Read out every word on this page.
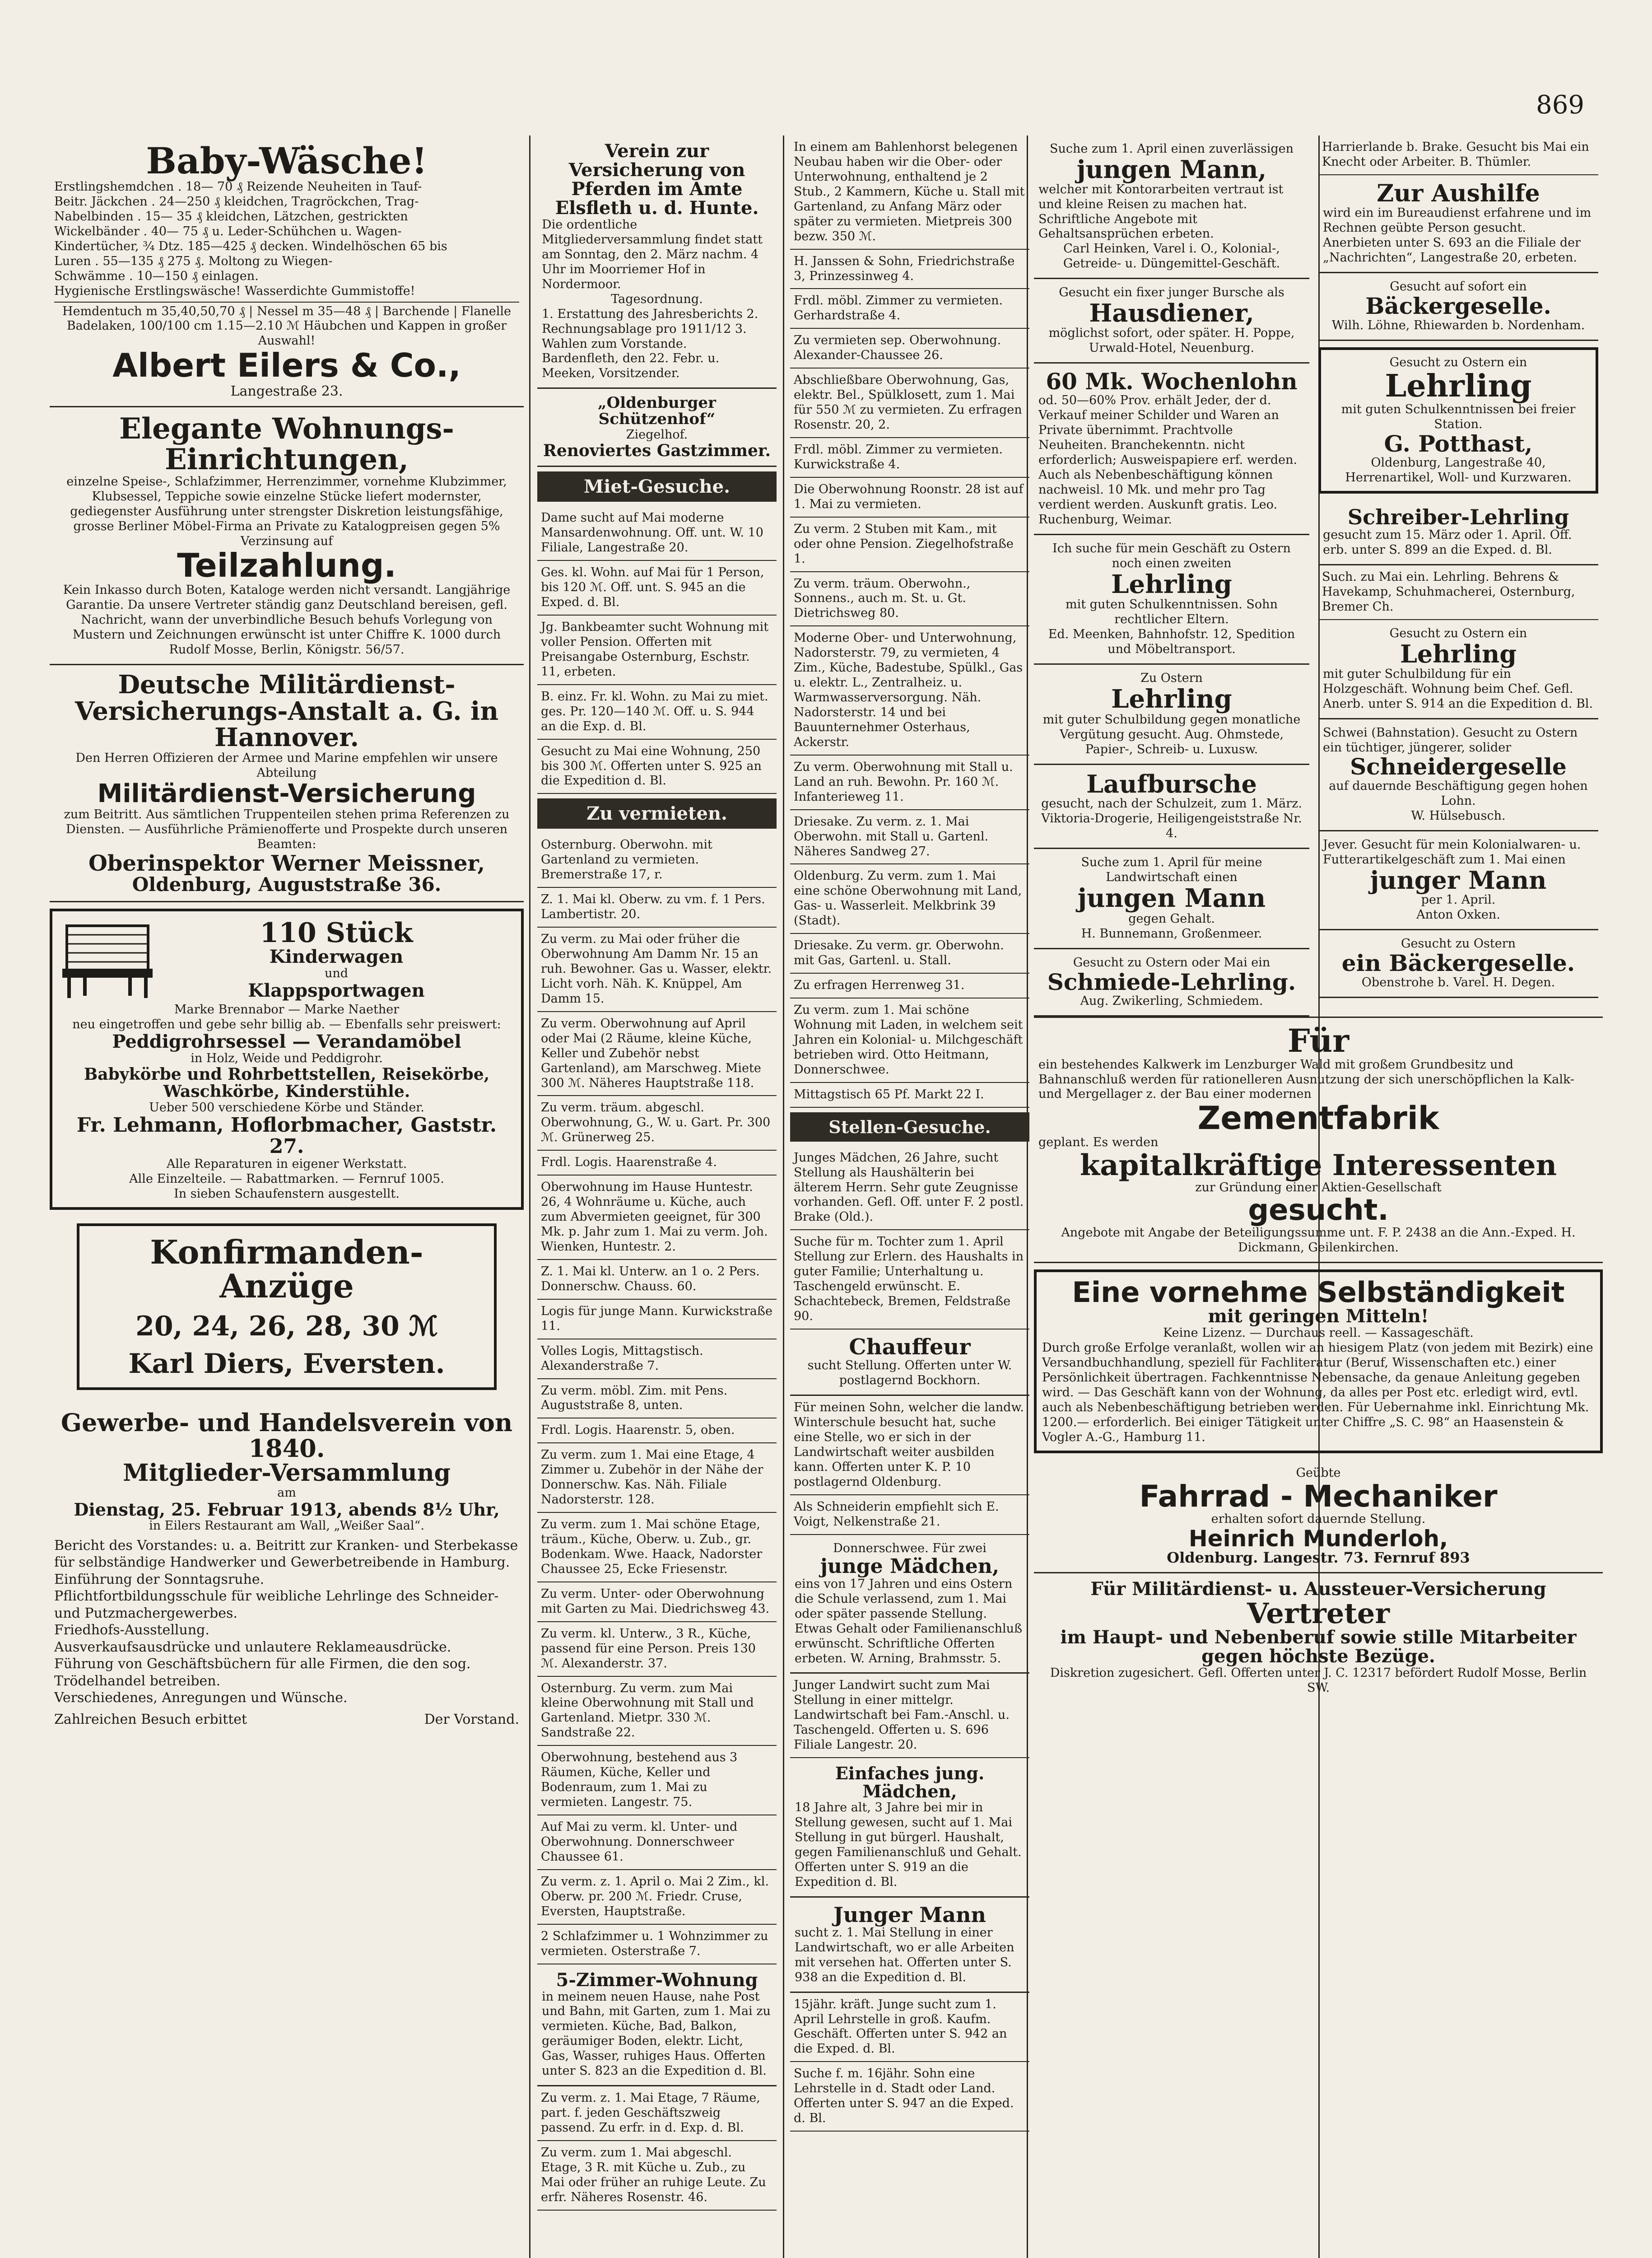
869
Baby-Wäsche!
Erstlingshemdchen . 18— 70 ₰ Reizende Neuheiten in Tauf-
Beitr. Jäckchen . 24—250 ₰ kleidchen, Tragröckchen, Trag-
Nabelbinden . 15— 35 ₰ kleidchen, Lätzchen, gestrickten
Wickelbänder . 40— 75 ₰ u. Leder-Schühchen u. Wagen-
Kindertücher, ¾ Dtz. 185—425 ₰ decken. Windelhöschen 65 bis
Luren . 55—135 ₰ 275 ₰. Moltong zu Wiegen-
Schwämme . 10—150 ₰ einlagen.
Hygienische Erstlingswäsche! Wasserdichte Gummistoffe!
Hemdentuch m 35,40,50,70 ₰ | Nessel m 35—48 ₰ | Barchende | Flanelle
Badelaken, 100/100 cm 1.15—2.10 ℳ Häubchen und Kappen in großer Auswahl!
Albert Eilers & Co.,
Langestraße 23.
Elegante Wohnungs-Einrichtungen,
einzelne Speise-, Schlafzimmer, Herrenzimmer, vornehme Klubzimmer, Klubsessel, Teppiche sowie einzelne Stücke liefert modernster, gediegenster Ausführung unter strengster Diskretion leistungsfähige, grosse Berliner Möbel-Firma an Private zu Katalogpreisen gegen 5% Verzinsung auf
Teilzahlung.
Kein Inkasso durch Boten, Kataloge werden nicht versandt. Langjährige Garantie. Da unsere Vertreter ständig ganz Deutschland bereisen, gefl. Nachricht, wann der unverbindliche Besuch behufs Vorlegung von Mustern und Zeichnungen erwünscht ist unter Chiffre K. 1000 durch Rudolf Mosse, Berlin, Königstr. 56/57.
Deutsche Militärdienst-Versicherungs-Anstalt a. G. in Hannover.
Den Herren Offizieren der Armee und Marine empfehlen wir unsere Abteilung
Militärdienst-Versicherung
zum Beitritt. Aus sämtlichen Truppenteilen stehen prima Referenzen zu Diensten. — Ausführliche Prämienofferte und Prospekte durch unseren Beamten:
Oberinspektor Werner Meissner,
Oldenburg, Auguststraße 36.
110 Stück
Kinderwagen
und
Klappsportwagen
Marke Brennabor — Marke Naether
neu eingetroffen und gebe sehr billig ab. — Ebenfalls sehr preiswert:
Peddigrohrsessel — Verandamöbel
in Holz, Weide und Peddigrohr.
Babykörbe und Rohrbettstellen, Reisekörbe, Waschkörbe, Kinderstühle.
Ueber 500 verschiedene Körbe und Ständer.
Fr. Lehmann, Hoflorbmacher, Gaststr. 27.
Alle Reparaturen in eigener Werkstatt.
Alle Einzelteile. — Rabattmarken. — Fernruf 1005.
In sieben Schaufenstern ausgestellt.
Konfirmanden-Anzüge
20, 24, 26, 28, 30 ℳ
Karl Diers, Eversten.
Gewerbe- und Handelsverein von 1840.
Mitglieder-Versammlung
am
Dienstag, 25. Februar 1913, abends 8½ Uhr,
in Eilers Restaurant am Wall, „Weißer Saal“.
Bericht des Vorstandes: u. a. Beitritt zur Kranken- und Sterbekasse für selbständige Handwerker und Gewerbetreibende in Hamburg.
Einführung der Sonntagsruhe.
Pflichtfortbildungsschule für weibliche Lehrlinge des Schneider- und Putzmachergewerbes.
Friedhofs-Ausstellung.
Ausverkaufsausdrücke und unlautere Reklameausdrücke.
Führung von Geschäftsbüchern für alle Firmen, die den sog. Trödelhandel betreiben.
Verschiedenes, Anregungen und Wünsche.
Zahlreichen Besuch erbittet	Der Vorstand.
Verein zur Versicherung von Pferden im Amte Elsfleth u. d. Hunte.
Die ordentliche Mitgliederversammlung findet statt am Sonntag, den 2. März nachm. 4 Uhr im Moorriemer Hof in Nordermoor.
Tagesordnung.
1. Erstattung des Jahresberichts 2. Rechnungsablage pro 1911/12 3. Wahlen zum Vorstande.
Bardenfleth, den 22. Febr. u. Meeken, Vorsitzender.
„Oldenburger Schützenhof“
Ziegelhof.
Renoviertes Gastzimmer.
Miet-Gesuche.
Dame sucht auf Mai moderne Mansardenwohnung. Off. unt. W. 10 Filiale, Langestraße 20.
Ges. kl. Wohn. auf Mai für 1 Person, bis 120 ℳ. Off. unt. S. 945 an die Exped. d. Bl.
Jg. Bankbeamter sucht Wohnung mit voller Pension. Offerten mit Preisangabe Osternburg, Eschstr. 11, erbeten.
B. einz. Fr. kl. Wohn. zu Mai zu miet. ges. Pr. 120—140 ℳ. Off. u. S. 944 an die Exp. d. Bl.
Gesucht zu Mai eine Wohnung, 250 bis 300 ℳ. Offerten unter S. 925 an die Expedition d. Bl.
Zu vermieten.
Osternburg. Oberwohn. mit Gartenland zu vermieten. Bremerstraße 17, r.
Z. 1. Mai kl. Oberw. zu vm. f. 1 Pers. Lambertistr. 20.
Zu verm. zu Mai oder früher die Oberwohnung Am Damm Nr. 15 an ruh. Bewohner. Gas u. Wasser, elektr. Licht vorh. Näh. K. Knüppel, Am Damm 15.
Zu verm. Oberwohnung auf April oder Mai (2 Räume, kleine Küche, Keller und Zubehör nebst Gartenland), am Marschweg. Miete 300 ℳ. Näheres Hauptstraße 118.
Zu verm. träum. abgeschl. Oberwohnung, G., W. u. Gart. Pr. 300 ℳ. Grünerweg 25.
Frdl. Logis. Haarenstraße 4.
Oberwohnung im Hause Huntestr. 26, 4 Wohnräume u. Küche, auch zum Abvermieten geeignet, für 300 Mk. p. Jahr zum 1. Mai zu verm. Joh. Wienken, Huntestr. 2.
Z. 1. Mai kl. Unterw. an 1 o. 2 Pers. Donnerschw. Chauss. 60.
Logis für junge Mann. Kurwickstraße 11.
Volles Logis, Mittagstisch. Alexanderstraße 7.
Zu verm. möbl. Zim. mit Pens. Auguststraße 8, unten.
Frdl. Logis. Haarenstr. 5, oben.
Zu verm. zum 1. Mai eine Etage, 4 Zimmer u. Zubehör in der Nähe der Donnerschw. Kas. Näh. Filiale Nadorsterstr. 128.
Zu verm. zum 1. Mai schöne Etage, träum., Küche, Oberw. u. Zub., gr. Bodenkam. Wwe. Haack, Nadorster Chaussee 25, Ecke Friesenstr.
Zu verm. Unter- oder Oberwohnung mit Garten zu Mai. Diedrichsweg 43.
Zu verm. kl. Unterw., 3 R., Küche, passend für eine Person. Preis 130 ℳ. Alexanderstr. 37.
Osternburg. Zu verm. zum Mai kleine Oberwohnung mit Stall und Gartenland. Mietpr. 330 ℳ. Sandstraße 22.
Oberwohnung, bestehend aus 3 Räumen, Küche, Keller und Bodenraum, zum 1. Mai zu vermieten. Langestr. 75.
Auf Mai zu verm. kl. Unter- und Oberwohnung. Donnerschweer Chaussee 61.
Zu verm. z. 1. April o. Mai 2 Zim., kl. Oberw. pr. 200 ℳ. Friedr. Cruse, Eversten, Hauptstraße.
2 Schlafzimmer u. 1 Wohnzimmer zu vermieten. Osterstraße 7.
5-Zimmer-Wohnung
in meinem neuen Hause, nahe Post und Bahn, mit Garten, zum 1. Mai zu vermieten. Küche, Bad, Balkon, geräumiger Boden, elektr. Licht, Gas, Wasser, ruhiges Haus. Offerten unter S. 823 an die Expedition d. Bl.
Zu verm. z. 1. Mai Etage, 7 Räume, part. f. jeden Geschäftszweig passend. Zu erfr. in d. Exp. d. Bl.
Zu verm. zum 1. Mai abgeschl. Etage, 3 R. mit Küche u. Zub., zu Mai oder früher an ruhige Leute. Zu erfr. Näheres Rosenstr. 46.
In einem am Bahlenhorst belegenen Neubau haben wir die Ober- oder Unterwohnung, enthaltend je 2 Stub., 2 Kammern, Küche u. Stall mit Gartenland, zu Anfang März oder später zu vermieten. Mietpreis 300 bezw. 350 ℳ.
H. Janssen & Sohn, Friedrichstraße 3, Prinzessinweg 4.
Frdl. möbl. Zimmer zu vermieten. Gerhardstraße 4.
Zu vermieten sep. Oberwohnung. Alexander-Chaussee 26.
Abschließbare Oberwohnung, Gas, elektr. Bel., Spülklosett, zum 1. Mai für 550 ℳ zu vermieten. Zu erfragen Rosenstr. 20, 2.
Frdl. möbl. Zimmer zu vermieten. Kurwickstraße 4.
Die Oberwohnung Roonstr. 28 ist auf 1. Mai zu vermieten.
Zu verm. 2 Stuben mit Kam., mit oder ohne Pension. Ziegelhofstraße 1.
Zu verm. träum. Oberwohn., Sonnens., auch m. St. u. Gt. Dietrichsweg 80.
Moderne Ober- und Unterwohnung, Nadorsterstr. 79, zu vermieten, 4 Zim., Küche, Badestube, Spülkl., Gas u. elektr. L., Zentralheiz. u. Warmwasserversorgung. Näh. Nadorsterstr. 14 und bei Bauunternehmer Osterhaus, Ackerstr.
Zu verm. Oberwohnung mit Stall u. Land an ruh. Bewohn. Pr. 160 ℳ. Infanterieweg 11.
Driesake. Zu verm. z. 1. Mai Oberwohn. mit Stall u. Gartenl. Näheres Sandweg 27.
Oldenburg. Zu verm. zum 1. Mai eine schöne Oberwohnung mit Land, Gas- u. Wasserleit. Melkbrink 39 (Stadt).
Driesake. Zu verm. gr. Oberwohn. mit Gas, Gartenl. u. Stall.
Zu erfragen Herrenweg 31.
Zu verm. zum 1. Mai schöne Wohnung mit Laden, in welchem seit Jahren ein Kolonial- u. Milchgeschäft betrieben wird. Otto Heitmann, Donnerschwee.
Mittagstisch 65 Pf. Markt 22 I.
Stellen-Gesuche.
Junges Mädchen, 26 Jahre, sucht Stellung als Haushälterin bei älterem Herrn. Sehr gute Zeugnisse vorhanden. Gefl. Off. unter F. 2 postl. Brake (Old.).
Suche für m. Tochter zum 1. April Stellung zur Erlern. des Haushalts in guter Familie; Unterhaltung u. Taschengeld erwünscht. E. Schachtebeck, Bremen, Feldstraße 90.
Chauffeur
sucht Stellung. Offerten unter W. postlagernd Bockhorn.
Für meinen Sohn, welcher die landw. Winterschule besucht hat, suche eine Stelle, wo er sich in der Landwirtschaft weiter ausbilden kann. Offerten unter K. P. 10 postlagernd Oldenburg.
Als Schneiderin empfiehlt sich E. Voigt, Nelkenstraße 21.
Donnerschwee. Für zwei
junge Mädchen,
eins von 17 Jahren und eins Ostern die Schule verlassend, zum 1. Mai oder später passende Stellung. Etwas Gehalt oder Familienanschluß erwünscht. Schriftliche Offerten erbeten. W. Arning, Brahmsstr. 5.
Junger Landwirt sucht zum Mai Stellung in einer mittelgr. Landwirtschaft bei Fam.-Anschl. u. Taschengeld. Offerten u. S. 696 Filiale Langestr. 20.
Einfaches jung. Mädchen,
18 Jahre alt, 3 Jahre bei mir in Stellung gewesen, sucht auf 1. Mai Stellung in gut bürgerl. Haushalt, gegen Familienanschluß und Gehalt. Offerten unter S. 919 an die Expedition d. Bl.
Junger Mann
sucht z. 1. Mai Stellung in einer Landwirtschaft, wo er alle Arbeiten mit versehen hat. Offerten unter S. 938 an die Expedition d. Bl.
15jähr. kräft. Junge sucht zum 1. April Lehrstelle in groß. Kaufm. Geschäft. Offerten unter S. 942 an die Exped. d. Bl.
Suche f. m. 16jähr. Sohn eine Lehrstelle in d. Stadt oder Land. Offerten unter S. 947 an die Exped. d. Bl.
Suche zum 1. April einen zuverlässigen
jungen Mann,
welcher mit Kontorarbeiten vertraut ist und kleine Reisen zu machen hat. Schriftliche Angebote mit Gehaltsansprüchen erbeten.
Carl Heinken, Varel i. O., Kolonial-, Getreide- u. Düngemittel-Geschäft.
Gesucht ein fixer junger Bursche als
Hausdiener,
möglichst sofort, oder später. H. Poppe, Urwald-Hotel, Neuenburg.
60 Mk. Wochenlohn
od. 50—60% Prov. erhält Jeder, der d. Verkauf meiner Schilder und Waren an Private übernimmt. Prachtvolle Neuheiten. Branchekenntn. nicht erforderlich; Ausweispapiere erf. werden. Auch als Nebenbeschäftigung können nachweisl. 10 Mk. und mehr pro Tag verdient werden. Auskunft gratis. Leo. Ruchenburg, Weimar.
Ich suche für mein Geschäft zu Ostern noch einen zweiten
Lehrling
mit guten Schulkenntnissen. Sohn rechtlicher Eltern.
Ed. Meenken, Bahnhofstr. 12, Spedition und Möbeltransport.
Zu Ostern
Lehrling
mit guter Schulbildung gegen monatliche Vergütung gesucht. Aug. Ohmstede, Papier-, Schreib- u. Luxusw.
Laufbursche
gesucht, nach der Schulzeit, zum 1. März. Viktoria-Drogerie, Heiligengeiststraße Nr. 4.
Suche zum 1. April für meine Landwirtschaft einen
jungen Mann
gegen Gehalt.
H. Bunnemann, Großenmeer.
Gesucht zu Ostern oder Mai ein
Schmiede-Lehrling.
Aug. Zwikerling, Schmiedem.
Harrierlande b. Brake. Gesucht bis Mai ein Knecht oder Arbeiter. B. Thümler.
Zur Aushilfe
wird ein im Bureaudienst erfahrene und im Rechnen geübte Person gesucht. Anerbieten unter S. 693 an die Filiale der „Nachrichten“, Langestraße 20, erbeten.
Gesucht auf sofort ein
Bäckergeselle.
Wilh. Löhne, Rhiewarden b. Nordenham.
Gesucht zu Ostern ein
Lehrling
mit guten Schulkenntnissen bei freier Station.
G. Potthast,
Oldenburg, Langestraße 40, Herrenartikel, Woll- und Kurzwaren.
Schreiber-Lehrling
gesucht zum 15. März oder 1. April. Off. erb. unter S. 899 an die Exped. d. Bl.
Such. zu Mai ein. Lehrling. Behrens & Havekamp, Schuhmacherei, Osternburg, Bremer Ch.
Gesucht zu Ostern ein
Lehrling
mit guter Schulbildung für ein Holzgeschäft. Wohnung beim Chef. Gefl. Anerb. unter S. 914 an die Expedition d. Bl.
Schwei (Bahnstation). Gesucht zu Ostern ein tüchtiger, jüngerer, solider
Schneidergeselle
auf dauernde Beschäftigung gegen hohen Lohn.
W. Hülsebusch.
Jever. Gesucht für mein Kolonialwaren- u. Futterartikelgeschäft zum 1. Mai einen
junger Mann
per 1. April.
Anton Oxken.
Gesucht zu Ostern
ein Bäckergeselle.
Obenstrohe b. Varel. H. Degen.
Für
ein bestehendes Kalkwerk im Lenzburger Wald mit großem Grundbesitz und Bahnanschluß werden für rationelleren Ausnutzung der sich unerschöpflichen la Kalk- und Mergellager z. der Bau einer modernen
Zementfabrik
geplant. Es werden
kapitalkräftige Interessenten
zur Gründung einer Aktien-Gesellschaft
gesucht.
Angebote mit Angabe der Beteiligungssumme unt. F. P. 2438 an die Ann.-Exped. H. Dickmann, Geilenkirchen.
Eine vornehme Selbständigkeit
mit geringen Mitteln!
Keine Lizenz. — Durchaus reell. — Kassageschäft.
Durch große Erfolge veranlaßt, wollen wir an hiesigem Platz (von jedem mit Bezirk) eine Versandbuchhandlung, speziell für Fachliteratur (Beruf, Wissenschaften etc.) einer Persönlichkeit übertragen. Fachkenntnisse Nebensache, da genaue Anleitung gegeben wird. — Das Geschäft kann von der Wohnung, da alles per Post etc. erledigt wird, evtl. auch als Nebenbeschäftigung betrieben werden. Für Uebernahme inkl. Einrichtung Mk. 1200.— erforderlich. Bei einiger Tätigkeit unter Chiffre „S. C. 98“ an Haasenstein & Vogler A.-G., Hamburg 11.
Geübte
Fahrrad - Mechaniker
erhalten sofort dauernde Stellung.
Heinrich Munderloh,
Oldenburg. Langestr. 73. Fernruf 893
Für Militärdienst- u. Aussteuer-Versicherung
Vertreter
im Haupt- und Nebenberuf sowie stille Mitarbeiter gegen höchste Bezüge.
Diskretion zugesichert. Gefl. Offerten unter J. C. 12317 befördert Rudolf Mosse, Berlin SW.
